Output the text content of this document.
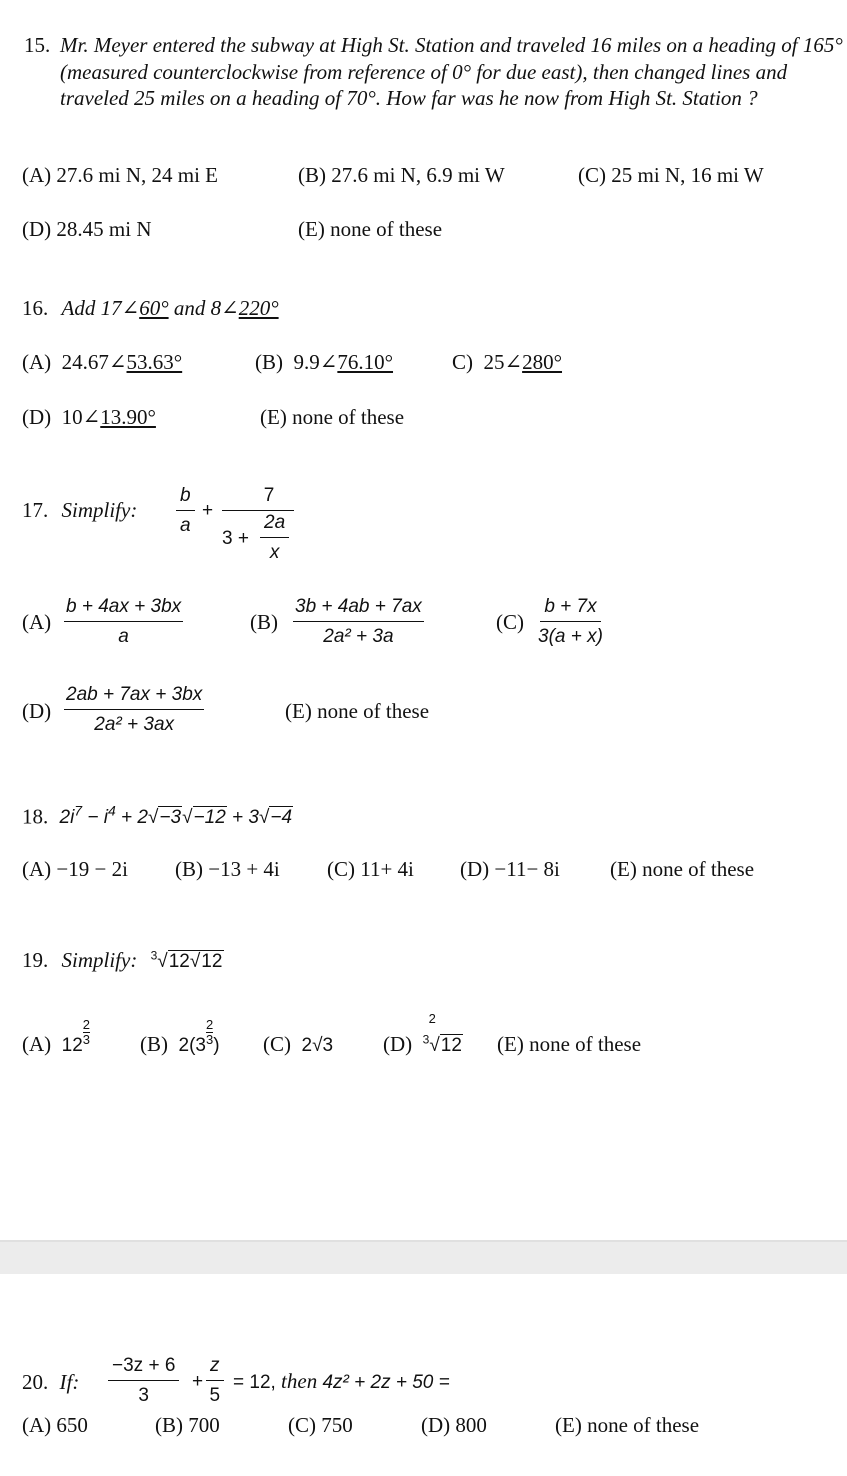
15. Mr. Meyer entered the subway at High St. Station and traveled 16 miles on a heading of 165° (measured counterclockwise from reference of 0° for due east), then changed lines and traveled 25 miles on a heading of 70°. How far was he now from High St. Station ?
(A) 27.6 mi N, 24 mi E	(B) 27.6 mi N, 6.9 mi W	(C) 25 mi N, 16 mi W
(D) 28.45 mi N	(E) none of these
16. Add 17∠60° and 8∠220°
(A) 24.67∠53.63°	(B) 9.9∠76.10°	C) 25∠280°
(D) 10∠13.90°	(E) none of these
17. Simplify: $\frac{b}{a}$ +
7
$3 + \frac{2a}{x}$
$(A) \frac{b + 4ax + 3bx}{a}$	$(B) \frac{3b + 4ab + 7ax}{\text{2a² + 3a}}$	$(C) \frac{b + 7x}{3(a + x)}$
$(D) \frac{2ab + 7ax + 3bx}{\text{2a² + 3ax}}$	(E) none of these
18. $2i^7 - i^4 + 2√-3√-12 + 3√-4$
(A) −19 − 2i (B) −13 + 4i (C) 11+ 4i (D) −11− 8i (E) none of these
19. Simplify: $^3$√12√12
(A) $12 \frac{2}{3} (B)$ $2(3 \frac{2}{3}$ ) (C) 2√3 (D)
2
$^3$√12 (E) none of these
20. If: $\frac{-3z + 6}{3} + \frac{z}{5} = 12$, then 4z² + 2z + 50 =
(A) 650	(B) 700	(C) 750	(D) 800	(E) none of these
